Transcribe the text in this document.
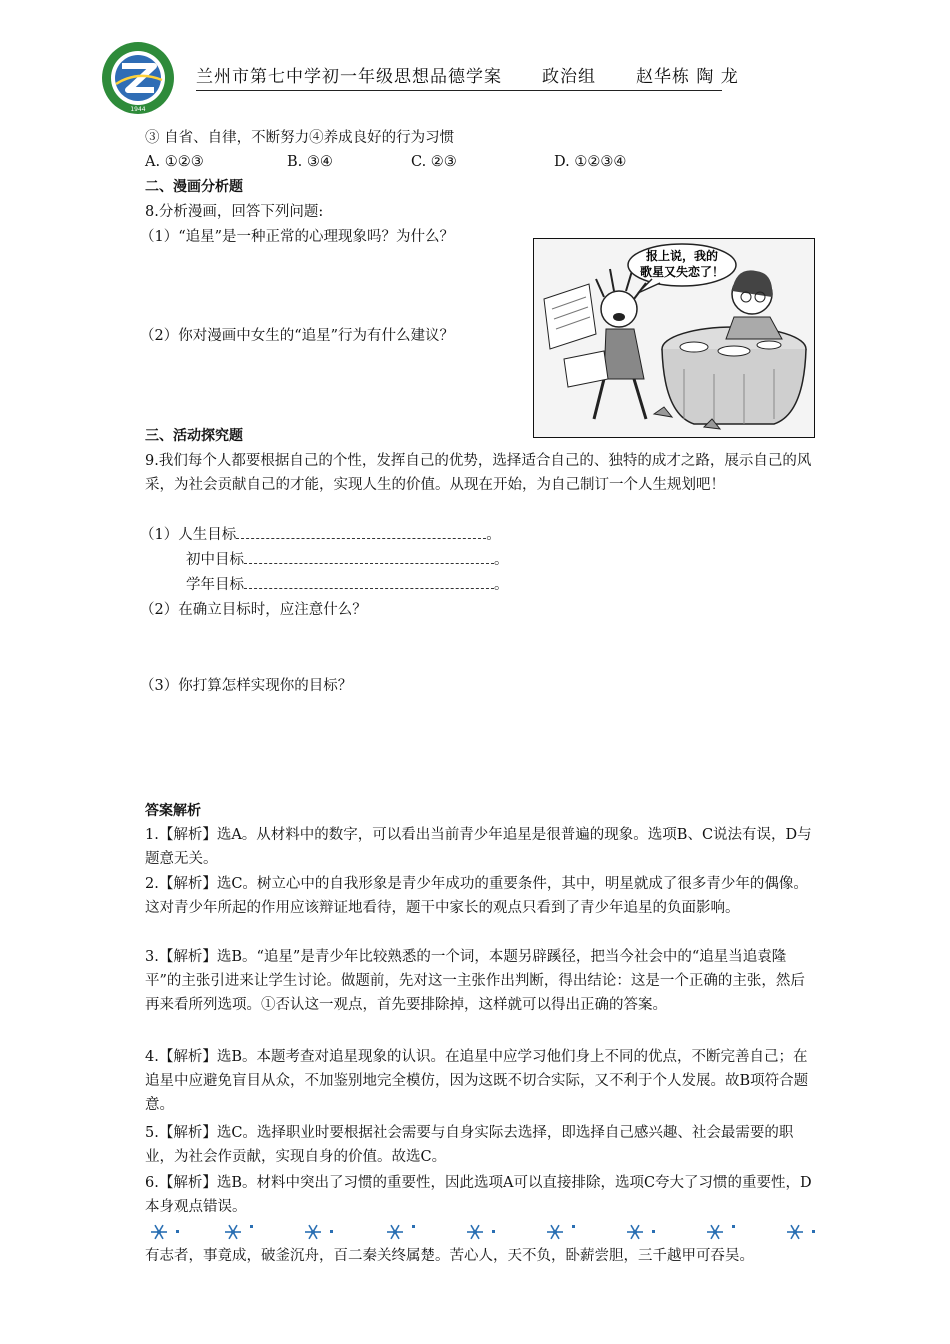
1944
兰州市第七中学初一年级思想品德学案 政治组 赵华栋 陶 龙
③ 自省、自律，不断努力④养成良好的行为习惯
A. ①②③	B. ③④	C. ②③	D. ①②③④
二、漫画分析题
8.分析漫画，回答下列问题:
（1）“追星”是一种正常的心理现象吗？为什么？
（2）你对漫画中女生的“追星”行为有什么建议？
报上说，我的
歌星又失恋了！
三、活动探究题
9.我们每个人都要根据自己的个性，发挥自己的优势，选择适合自己的、独特的成才之路，展示自己的风采，为社会贡献自己的才能，实现人生的价值。从现在开始，为自己制订一个人生规划吧！
（1）人生目标	。
初中目标	。
学年目标	。
（2）在确立目标时，应注意什么？
（3）你打算怎样实现你的目标？
答案解析
1.【解析】选A。从材料中的数字，可以看出当前青少年追星是很普遍的现象。选项B、C说法有误，D与题意无关。
2.【解析】选C。树立心中的自我形象是青少年成功的重要条件，其中，明星就成了很多青少年的偶像。这对青少年所起的作用应该辩证地看待，题干中家长的观点只看到了青少年追星的负面影响。
3.【解析】选B。“追星”是青少年比较熟悉的一个词，本题另辟蹊径，把当今社会中的“追星当追袁隆平”的主张引进来让学生讨论。做题前，先对这一主张作出判断，得出结论：这是一个正确的主张，然后再来看所列选项。①否认这一观点，首先要排除掉，这样就可以得出正确的答案。
4.【解析】选B。本题考查对追星现象的认识。在追星中应学习他们身上不同的优点，不断完善自己；在追星中应避免盲目从众，不加鉴别地完全模仿，因为这既不切合实际，又不利于个人发展。故B项符合题意。
5.【解析】选C。选择职业时要根据社会需要与自身实际去选择，即选择自己感兴趣、社会最需要的职业，为社会作贡献，实现自身的价值。故选C。
6.【解析】选B。材料中突出了习惯的重要性，因此选项A可以直接排除，选项C夸大了习惯的重要性，D本身观点错误。
有志者，事竟成，破釜沉舟，百二秦关终属楚。苦心人，天不负，卧薪尝胆，三千越甲可吞吴。
